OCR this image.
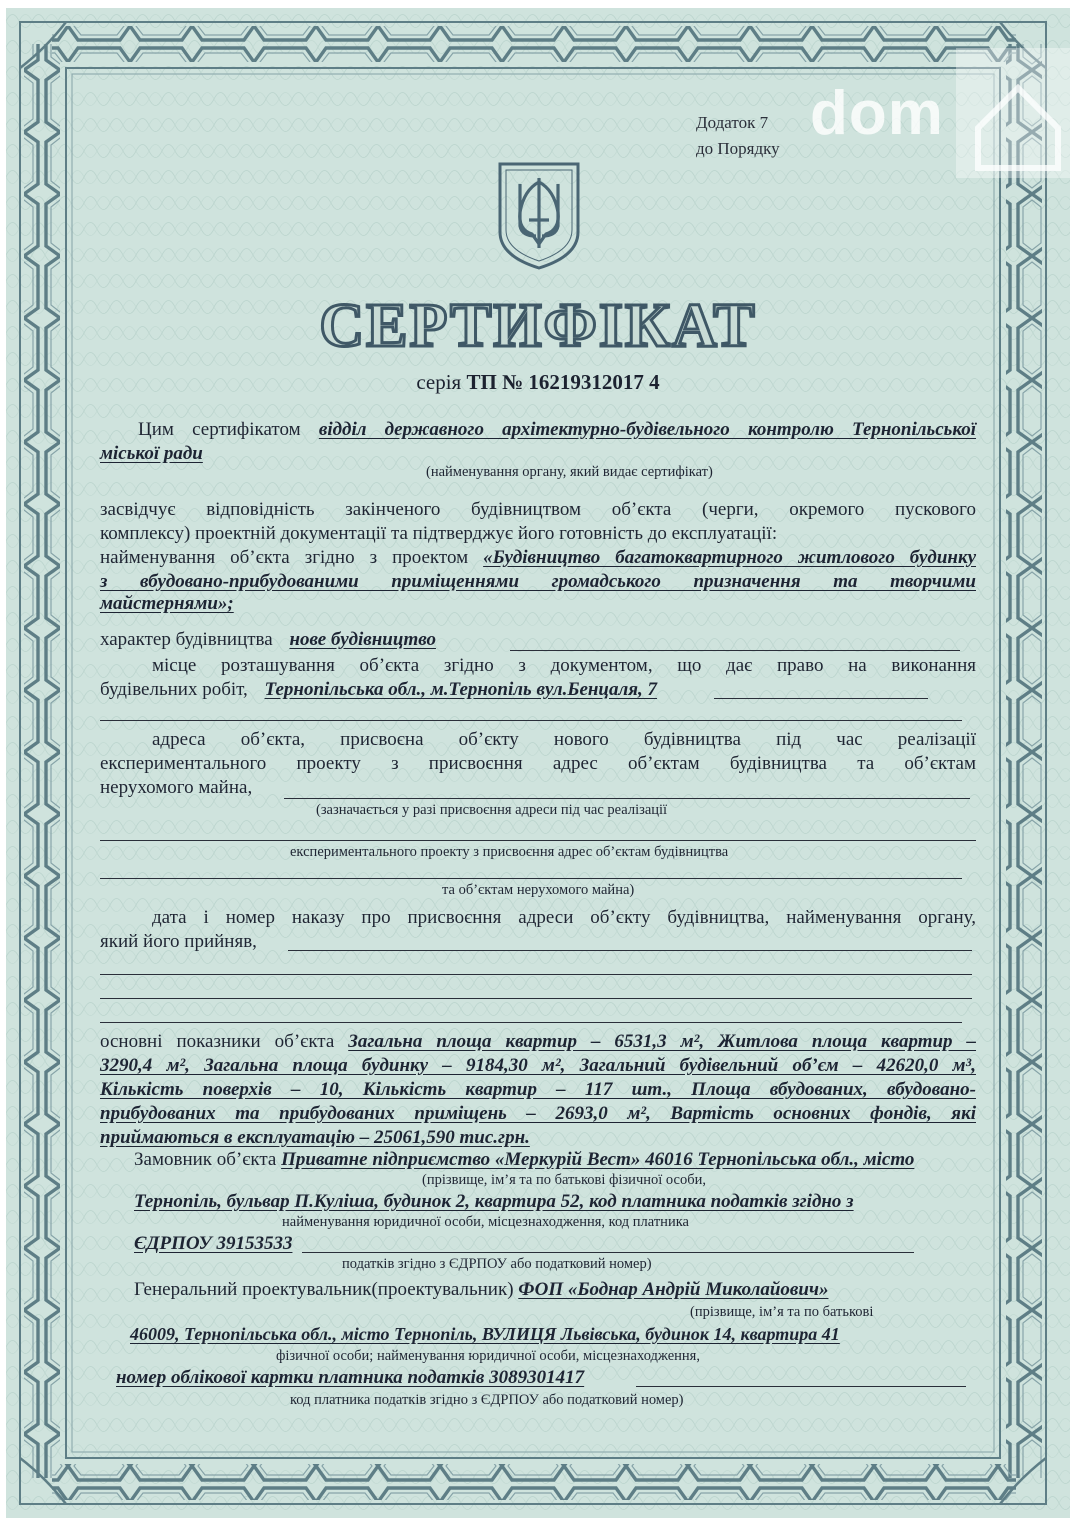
dom
Додаток 7
до Порядку
СЕРТИФІКАТ
серія ТП № 16219312017 4
Цим сертифікатом відділ державного архітектурно-будівельного контролю Тернопільської
міської ради
(найменування органу, який видає сертифікат)
засвідчує відповідність закінченого будівництвом об’єкта (черги, окремого пускового
комплексу) проектній документації та підтверджує його готовність до експлуатації:
найменування об’єкта згідно з проектом «Будівництво багатоквартирного житлового будинку
з вбудовано-прибудованими приміщеннями громадського призначення та творчими
майстернями»;
характер будівництва нове будівництво
місце розташування об’єкта згідно з документом, що дає право на виконання
будівельних робіт, Тернопільська обл., м.Тернопіль вул.Бенцаля, 7
адреса об’єкта, присвоєна об’єкту нового будівництва під час реалізації
експериментального проекту з присвоєння адрес об’єктам будівництва та об’єктам
нерухомого майна,
(зазначається у разі присвоєння адреси під час реалізації
експериментального проекту з присвоєння адрес об’єктам будівництва
та об’єктам нерухомого майна)
дата і номер наказу про присвоєння адреси об’єкту будівництва, найменування органу,
який його прийняв,
основні показники об’єкта Загальна площа квартир – 6531,3 м², Житлова площа квартир –
3290,4 м², Загальна площа будинку – 9184,30 м², Загальний будівельний об’єм – 42620,0 м³,
Кількість поверхів – 10, Кількість квартир – 117 шт., Площа вбудованих, вбудовано-
прибудованих та прибудованих приміщень – 2693,0 м², Вартість основних фондів, які
приймаються в експлуатацію – 25061,590 тис.грн.
Замовник об’єкта Приватне підприємство «Меркурій Вест» 46016 Тернопільська обл., місто
(прізвище, ім’я та по батькові фізичної особи,
Тернопіль, бульвар П.Куліша, будинок 2, квартира 52, код платника податків згідно з
найменування юридичної особи, місцезнаходження, код платника
ЄДРПОУ 39153533
податків згідно з ЄДРПОУ або податковий номер)
Генеральний проектувальник(проектувальник) ФОП «Боднар Андрій Миколайович»
(прізвище, ім’я та по батькові
46009, Тернопільська обл., місто Тернопіль, ВУЛИЦЯ Львівська, будинок 14, квартира 41
фізичної особи; найменування юридичної особи, місцезнаходження,
номер облікової картки платника податків 3089301417
код платника податків згідно з ЄДРПОУ або податковий номер)
